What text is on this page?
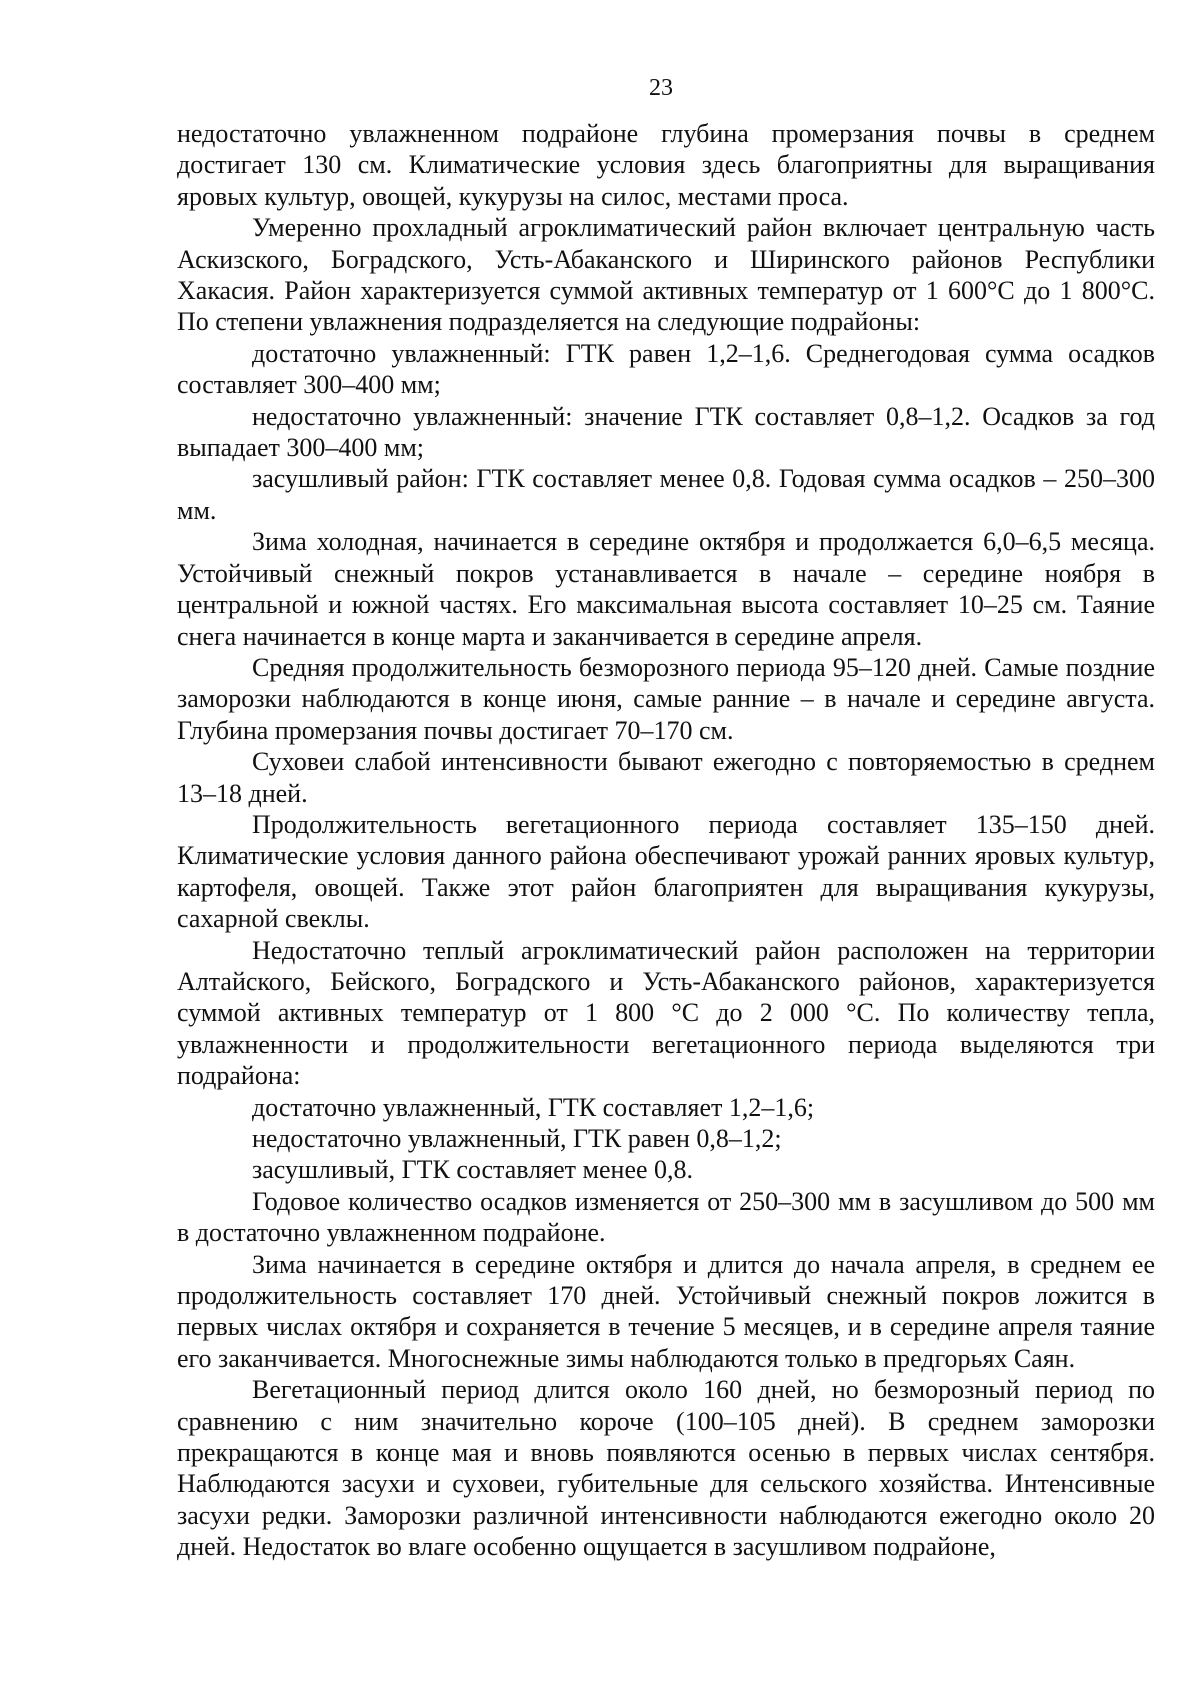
23

недостаточно увлажненном подрайоне глубина промерзания почвы в среднем достигает 130 см. Климатические условия здесь благоприятны для выращивания яровых культур, овощей, кукурузы на силос, местами проса.

Умеренно прохладный агроклиматический район включает центральную часть Аскизского, Боградского, Усть-Абаканского и Ширинского районов Республики Хакасия. Район характеризуется суммой активных температур от 1 600°С до 1 800°С. По степени увлажнения подразделяется на следующие подрайоны:

достаточно увлажненный: ГТК равен 1,2–1,6. Среднегодовая сумма осадков составляет 300–400 мм;

недостаточно увлажненный: значение ГТК составляет 0,8–1,2. Осадков за год выпадает 300–400 мм;

засушливый район: ГТК составляет менее 0,8. Годовая сумма осадков – 250–300 мм.

Зима холодная, начинается в середине октября и продолжается 6,0–6,5 месяца. Устойчивый снежный покров устанавливается в начале – середине ноября в центральной и южной частях. Его максимальная высота составляет 10–25 см. Таяние снега начинается в конце марта и заканчивается в середине апреля.

Средняя продолжительность безморозного периода 95–120 дней. Самые поздние заморозки наблюдаются в конце июня, самые ранние – в начале и середине августа. Глубина промерзания почвы достигает 70–170 см.

Суховеи слабой интенсивности бывают ежегодно с повторяемостью в среднем 13–18 дней.

Продолжительность вегетационного периода составляет 135–150 дней. Климатические условия данного района обеспечивают урожай ранних яровых культур, картофеля, овощей. Также этот район благоприятен для выращивания кукурузы, сахарной свеклы.

Недостаточно теплый агроклиматический район расположен на территории Алтайского, Бейского, Боградского и Усть-Абаканского районов, характеризуется суммой активных температур от 1 800 °С до 2 000 °С. По количеству тепла, увлажненности и продолжительности вегетационного периода выделяются три подрайона:

достаточно увлажненный, ГТК составляет 1,2–1,6;

недостаточно увлажненный, ГТК равен 0,8–1,2;

засушливый, ГТК составляет менее 0,8.

Годовое количество осадков изменяется от 250–300 мм в засушливом до 500 мм в достаточно увлажненном подрайоне.

Зима начинается в середине октября и длится до начала апреля, в среднем ее продолжительность составляет 170 дней. Устойчивый снежный покров ложится в первых числах октября и сохраняется в течение 5 месяцев, и в середине апреля таяние его заканчивается. Многоснежные зимы наблюдаются только в предгорьях Саян.

Вегетационный период длится около 160 дней, но безморозный период по сравнению с ним значительно короче (100–105 дней). В среднем заморозки прекращаются в конце мая и вновь появляются осенью в первых числах сентября. Наблюдаются засухи и суховеи, губительные для сельского хозяйства. Интенсивные засухи редки. Заморозки различной интенсивности наблюдаются ежегодно около 20 дней. Недостаток во влаге особенно ощущается в засушливом подрайоне,
